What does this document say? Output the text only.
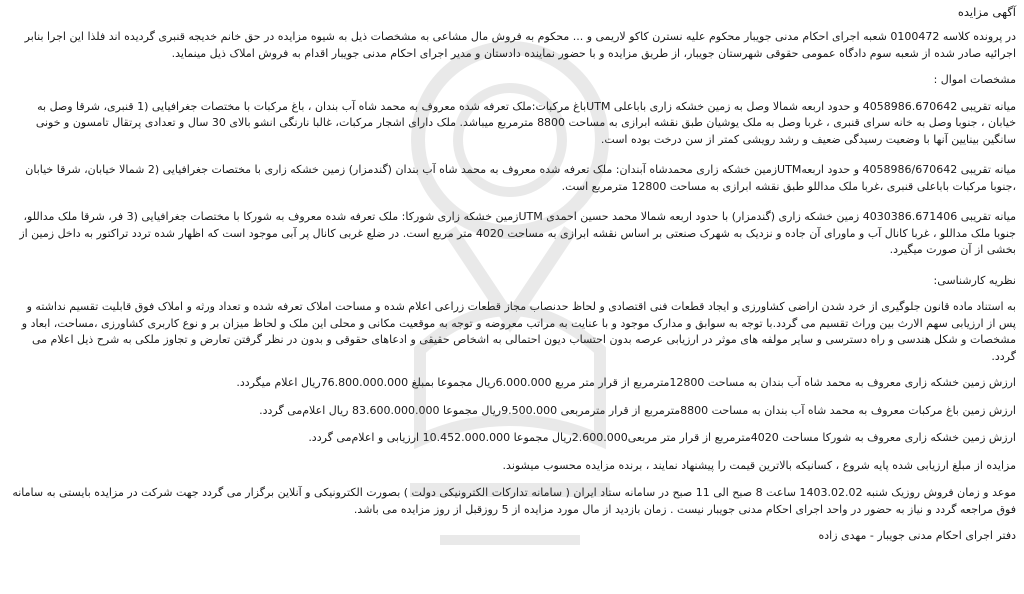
آگهی مزایده

در پرونده کلاسه 0100472 شعبه اجرای احکام مدنی جویبار محکوم علیه نسترن کاکو لاریمی و ... محکوم به فروش مال مشاعی به مشخصات ذیل به شیوه مزایده در حق خانم خدیجه قنبری گردیده اند فلذا این اجرا بنابر

اجرائیه صادر شده از شعبه سوم دادگاه عمومی حقوقی شهرستان جویبار، از طریق مزایده و با حضور نماینده دادستان و مدیر اجرای احکام مدنی جویبار اقدام به فروش املاک ذیل مینماید.

مشخصات اموال :

میانه تقریبی 4058986.670642 و حدود اربعه شمالا وصل به زمین خشکه زاری باباعلی UTMباغ مرکبات:ملک تعرفه شده معروف به محمد شاه آب بندان ، باغ مرکبات با مختصات جغرافیایی (1 قنبری، شرقا وصل به خیابان ، جنوبا وصل به خانه سرای قنبری ، غربا وصل به ملک یوشیان طبق نقشه ابرازی به مساحت 8800 مترمربع میباشد. ملک دارای اشجار مرکبات، غالبا نارنگی انشو بالای 30 سال و تعدادی پرتقال تامسون و خونی سانگین بینایین آنها با وضعیت رسیدگی ضعیف و رشد رویشی کمتر از سن درخت بوده است.

میانه تقریبی 4058986/670642 و حدود اربعهUTMزمین خشکه زاری محمدشاه آبندان: ملک تعرفه شده معروف به محمد شاه آب بندان (گندمزار) زمین خشکه زاری با مختصات جغرافیایی (2 شمالا خیابان، شرقا خیابان ،جنوبا مرکبات باباعلی قنبری ،غربا ملک مداللو طبق نقشه ابرازی به مساحت 12800 مترمربع است.

میانه تقریبی 4030386.671406 زمین خشکه زاری (گندمزار) با حدود اربعه شمالا محمد حسین احمدی UTMزمین خشکه زاری شورکا: ملک تعرفه شده معروف به شورکا با مختصات جغرافیایی (3 فر، شرقا ملک مداللو، جنوبا ملک مداللو ، غربا کانال آب و ماورای آن جاده و نزدیک به شهرک صنعتی بر اساس نقشه ابرازی به مساحت 4020 متر مربع است. در ضلع غربی کانال پر آبی موجود است که اظهار شده تردد تراکتور به داخل زمین از بخشی از آن صورت میگیرد.

نظریه کارشناسی:

به استناد ماده قانون جلوگیری از خرد شدن اراضی کشاورزی و ایجاد قطعات فنی اقتصادی و لحاظ حدنصاب مجاز قطعات زراعی اعلام شده و مساحت املاک تعرفه شده و تعداد ورثه و املاک فوق قابلیت تقسیم نداشته و پس از ارزیابی سهم الارث بین وراث تقسیم می گردد.با توجه به سوابق و مدارک موجود و با عنایت به مراتب معروضه و توجه به موقعیت مکانی و محلی این ملک و لحاظ میزان بر و نوع کاربری کشاورزی ،مساحت، ابعاد و مشخصات و شکل هندسی و راه دسترسی و سایر مولفه های موثر در ارزیابی عرصه بدون احتساب دیون احتمالی به اشخاص حقیقی و ادعاهای حقوقی و بدون در نظر گرفتن تعارض و تجاوز ملکی به شرح ذیل اعلام می گردد.

ارزش زمین خشکه زاری معروف به محمد شاه آب بندان به مساحت 12800مترمربع از قرار متر مربع 6.000.000ریال مجموعا بمبلغ 76.800.000.000ریال اعلام میگردد.

ارزش زمین باغ مرکبات معروف به محمد شاه آب بندان به مساحت 8800مترمربع از قرار مترمربعی 9.500.000ریال مجموعا 83.600.000.000 ریال اعلام‌می گردد.

ارزش زمین خشکه زاری معروف به شورکا مساحت 4020مترمربع از قرار متر مربعی2.600.000ریال مجموعا 10.452.000.000 ارزیابی و اعلام‌می گردد.

مزایده از مبلغ ارزیابی شده پایه شروع ، کسانیکه بالاترین قیمت را پیشنهاد نمایند ، برنده مزایده محسوب میشوند.

موعد و زمان فروش روزیک شنبه 1403.02.02 ساعت 8 صبح الی 11 صبح در سامانه ستاد ایران ( سامانه تدارکات الکترونیکی دولت ) بصورت الکترونیکی و آنلاین برگزار می گردد جهت شرکت در مزایده بایستی به سامانه فوق مراجعه گردد و نیاز به حضور در واحد اجرای احکام مدنی جویبار نیست . زمان بازدید از مال مورد مزایده از 5 روزقبل از روز مزایده می باشد.

دفتر اجرای احکام مدنی جویبار - مهدی زاده
